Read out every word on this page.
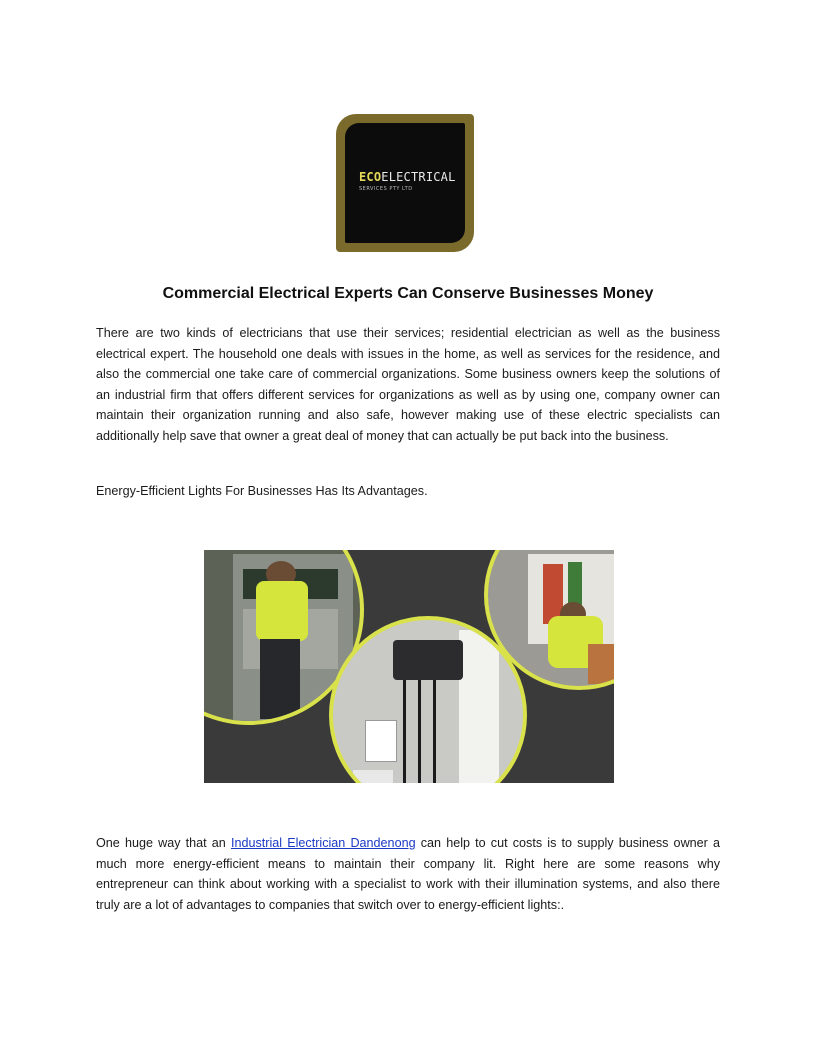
ECOELECTRICAL
SERVICES PTY LTD
Commercial Electrical Experts Can Conserve Businesses Money

There are two kinds of electricians that use their services; residential electrician as well as the business electrical expert. The household one deals with issues in the home, as well as services for the residence, and also the commercial one take care of commercial organizations. Some business owners keep the solutions of an industrial firm that offers different services for organizations as well as by using one, company owner can maintain their organization running and also safe, however making use of these electric specialists can additionally help save that owner a great deal of money that can actually be put back into the business.

Energy-Efficient Lights For Businesses Has Its Advantages.

One huge way that an Industrial Electrician Dandenong can help to cut costs is to supply business owner a much more energy-efficient means to maintain their company lit. Right here are some reasons why entrepreneur can think about working with a specialist to work with their illumination systems, and also there truly are a lot of advantages to companies that switch over to energy-efficient lights:.
